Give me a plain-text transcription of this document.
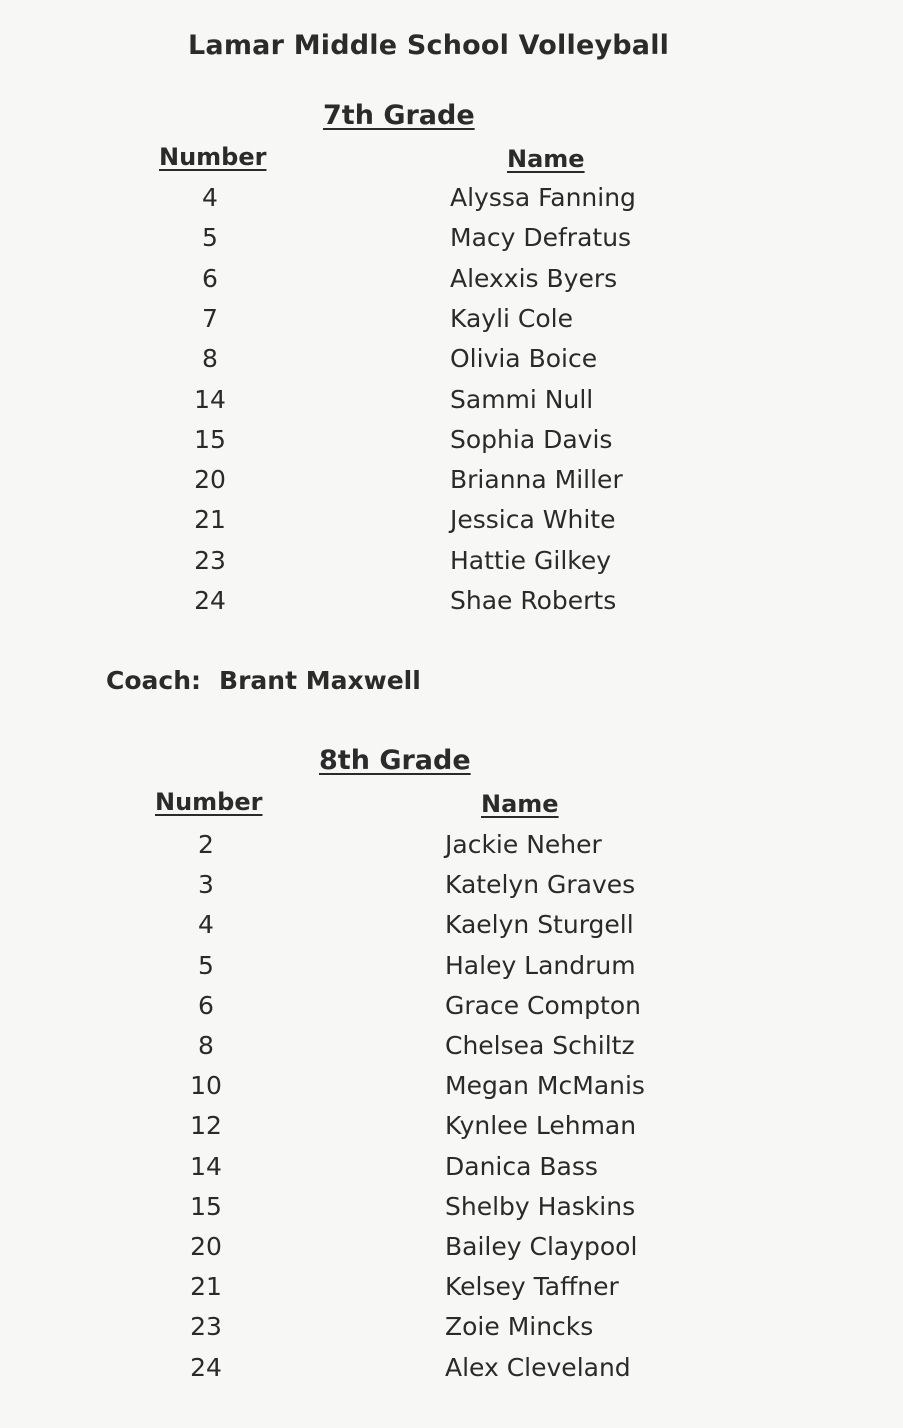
Lamar Middle School Volleyball
7th Grade
Number	Name
4	Alyssa Fanning
5	Macy Defratus
6	Alexxis Byers
7	Kayli Cole
8	Olivia Boice
14	Sammi Null
15	Sophia Davis
20	Brianna Miller
21	Jessica White
23	Hattie Gilkey
24	Shae Roberts
Coach: Brant Maxwell
8th Grade
Number	Name
2	Jackie Neher
3	Katelyn Graves
4	Kaelyn Sturgell
5	Haley Landrum
6	Grace Compton
8	Chelsea Schiltz
10	Megan McManis
12	Kynlee Lehman
14	Danica Bass
15	Shelby Haskins
20	Bailey Claypool
21	Kelsey Taffner
23	Zoie Mincks
24	Alex Cleveland
